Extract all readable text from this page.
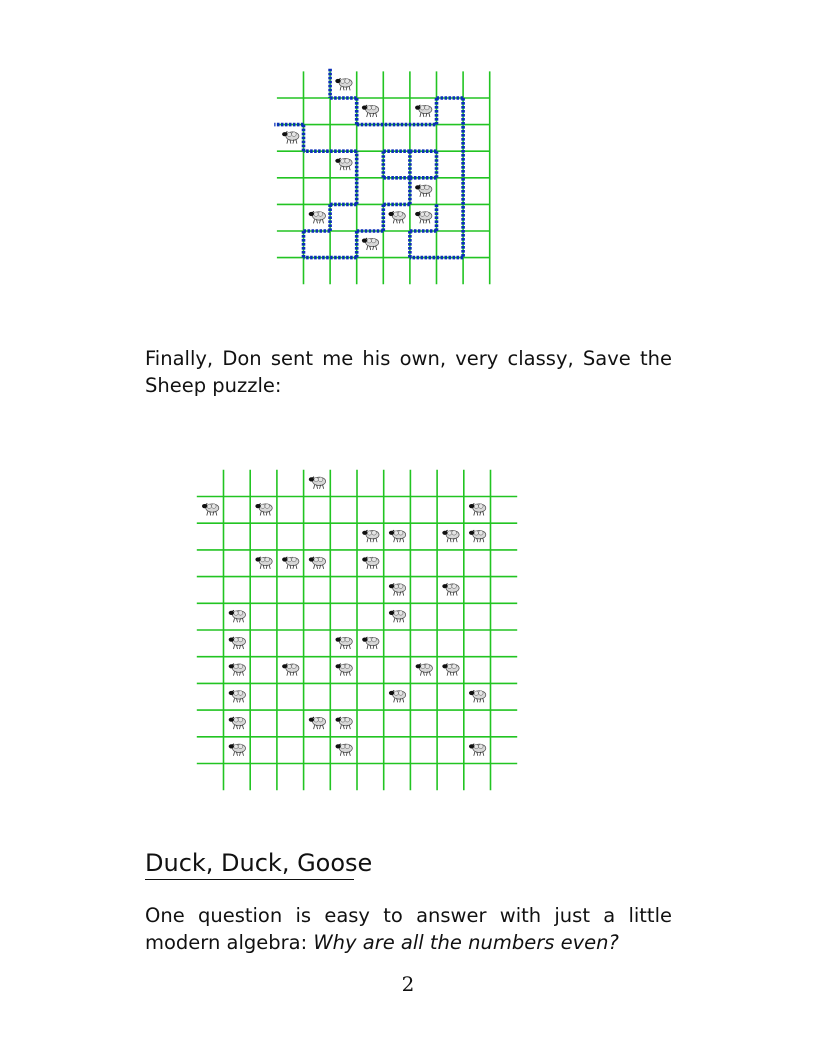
Finally, Don sent me his own, very classy, Save the Sheep puzzle:

Duck, Duck, Goose

One question is easy to answer with just a little modern algebra: Why are all the numbers even?

2
